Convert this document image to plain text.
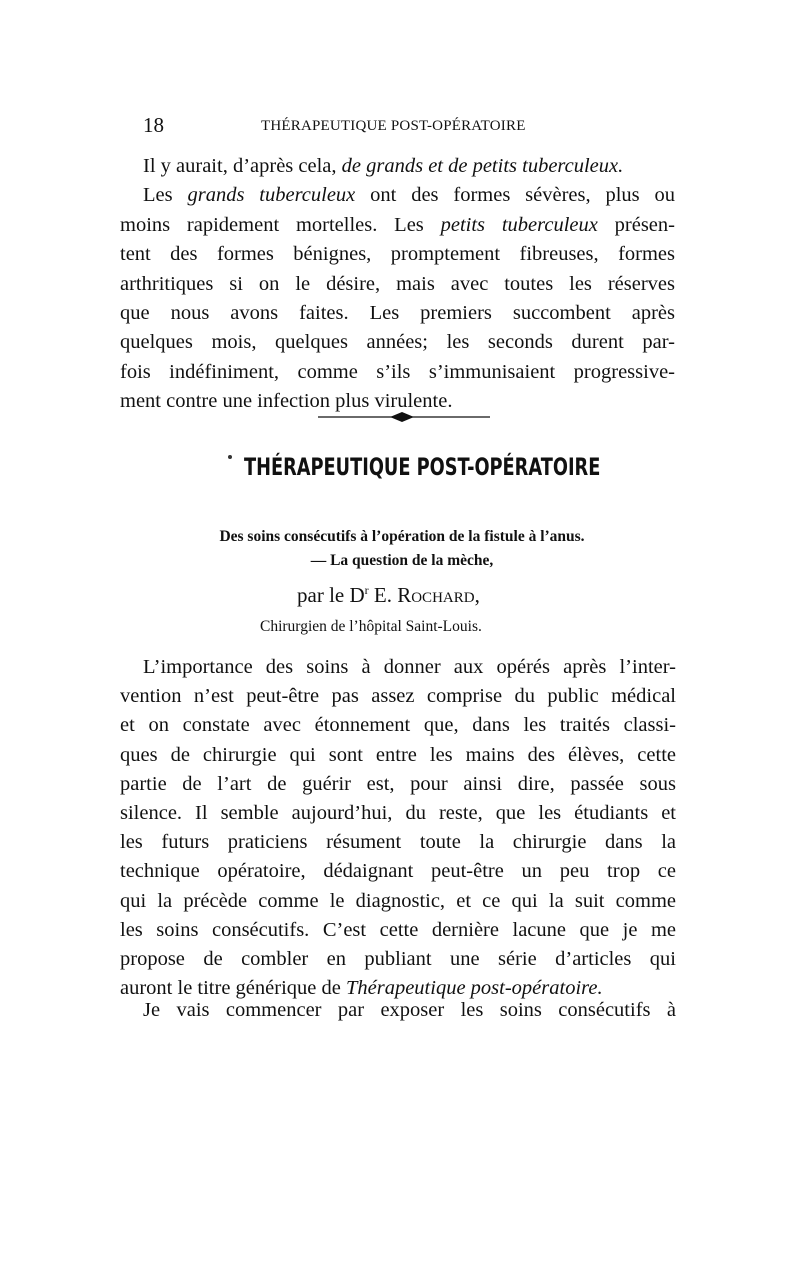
18	THÉRAPEUTIQUE POST-OPÉRATOIRE
Il y aurait, d’après cela, de grands et de petits tuberculeux.
Les grands tuberculeux ont des formes sévères, plus ou
moins rapidement mortelles. Les petits tuberculeux présen-
tent des formes bénignes, promptement fibreuses, formes
arthritiques si on le désire, mais avec toutes les réserves
que nous avons faites. Les premiers succombent après
quelques mois, quelques années; les seconds durent par-
fois indéfiniment, comme s’ils s’immunisaient progressive-
ment contre une infection plus virulente.
THÉRAPEUTIQUE POST-OPÉRATOIRE
Des soins consécutifs à l’opération de la fistule à l’anus.
— La question de la mèche,
par le $D^r$ E. Rochard,
Chirurgien de l’hôpital Saint-Louis.
L’importance des soins à donner aux opérés après l’inter-
vention n’est peut-être pas assez comprise du public médical
et on constate avec étonnement que, dans les traités classi-
ques de chirurgie qui sont entre les mains des élèves, cette
partie de l’art de guérir est, pour ainsi dire, passée sous
silence. Il semble aujourd’hui, du reste, que les étudiants et
les futurs praticiens résument toute la chirurgie dans la
technique opératoire, dédaignant peut-être un peu trop ce
qui la précède comme le diagnostic, et ce qui la suit comme
les soins consécutifs. C’est cette dernière lacune que je me
propose de combler en publiant une série d’articles qui
auront le titre générique de Thérapeutique post-opératoire.
Je vais commencer par exposer les soins consécutifs à
